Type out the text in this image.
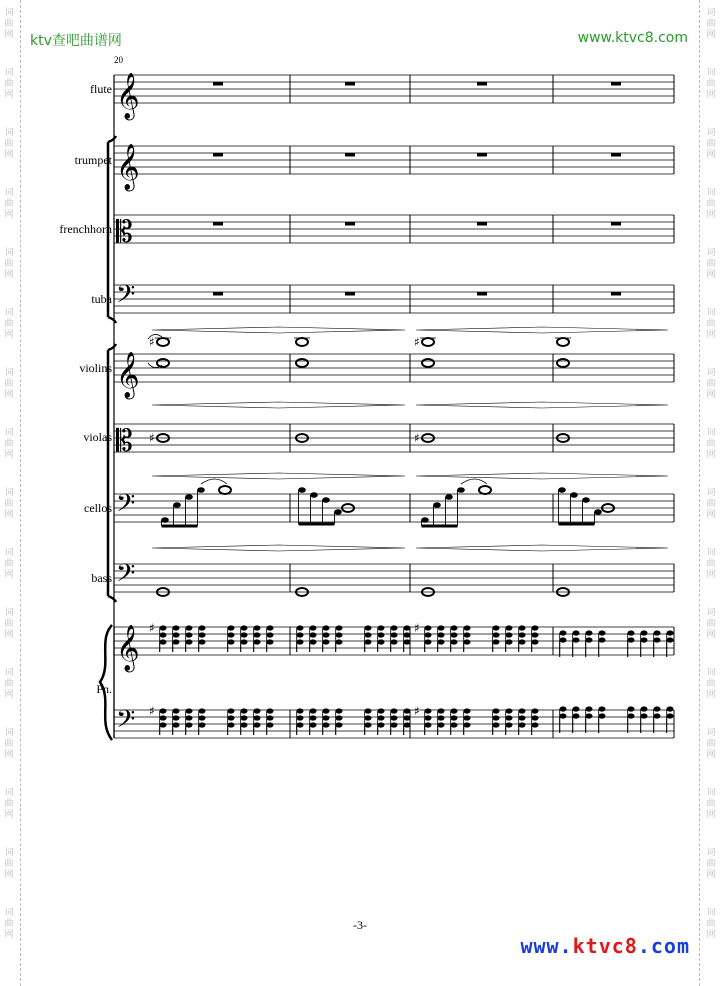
词
曲
网
词
曲
网
词
曲
网
词
曲
网
词
曲
网
词
曲
网
词
曲
网
词
曲
网
词
曲
网
词
曲
网
词
曲
网
词
曲
网
词
曲
网
词
曲
网
词
曲
网
词
曲
网
词
曲
网
词
曲
网
词
曲
网
词
曲
网
词
曲
网
词
曲
网
词
曲
网
词
曲
网
词
曲
网
词
曲
网
词
曲
网
词
曲
网
词
曲
网
词
曲
网
词
曲
网
词
曲
网
ktv查吧曲谱网	www.ktvc8.com
𝄞
𝄞
𝄡
𝄢
𝄞
𝄡
𝄢
𝄢
𝄞
𝄢
♯	♯
♯	♯
♯	♯
♯	♯
20
flute
trumpet
frenchhorn
tuba
violins
violas
cellos
bass
Pn.
-3-
www.ktvc8.com
